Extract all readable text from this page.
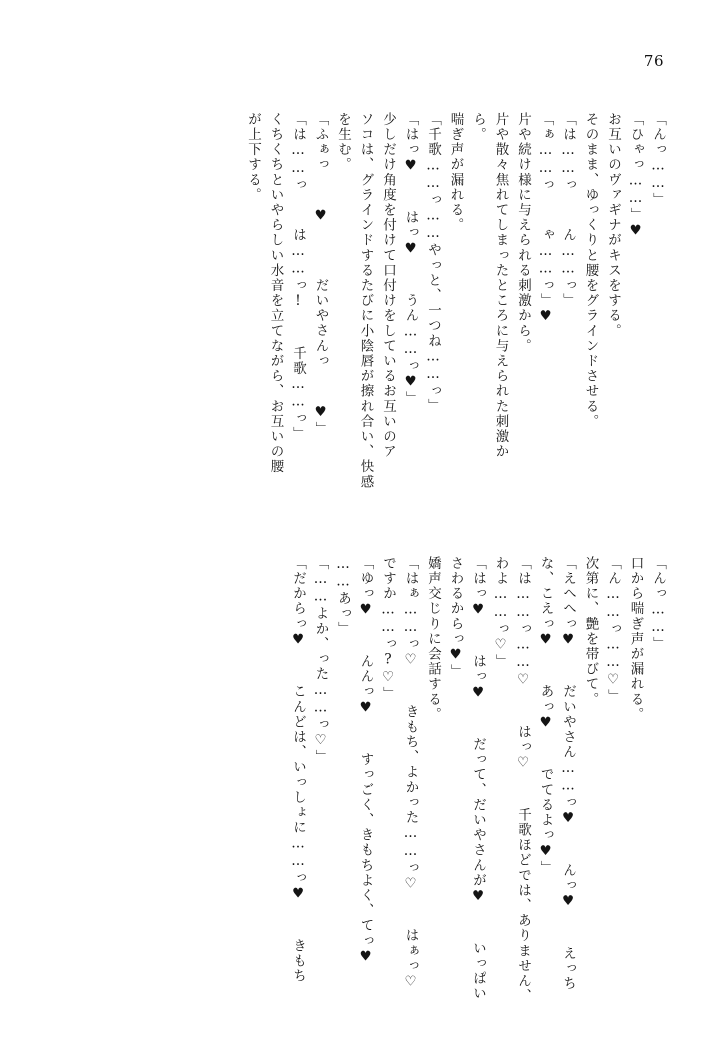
76
「んっ……」
「ひゃっ……」♥
お互いのヴァギナがキスをする。
そのまま、ゆっくりと腰をグラインドさせる。
「は……っ  ん……っ」
「ぁ……っ  ゃ……っ」♥
片や続け様に与えられる刺激から。
片や散々焦れてしまったところに与えられた刺激か
ら。
喘ぎ声が漏れる。
「千歌……っ……やっと、一つね……っ」
「はっ♥  はっ♥  うん……っ♥」
少しだけ角度を付けて口付けをしているお互いのア
ソコは、グラインドするたびに小陰唇が擦れ合い、快感
を生む。
「ふぁっ  ♥   だいやさんっ  ♥」
「は……っ  は……っ!  千歌……っ」
くちくちといやらしい水音を立てながら、お互いの腰
が上下する。
「んっ……」
口から喘ぎ声が漏れる。
「ん……っ……♡」
次第に、艶を帯びて。
「えへへっ♥  だいやさん……っ♥  んっ♥  えっち
な、こえっ♥  あっ♥  でてるよっ♥」
「は……っ……♡  はっ♡  千歌ほどでは、ありません、
わよ……っ♡」
「はっ♥  はっ♥  だって、だいやさんが♥  いっぱい
さわるからっ♥」
嬌声交じりに会話する。
「はぁ……っ♡  きもち、よかった……っ♡  はぁっ♡
ですか……っ?♡」
「ゆっ♥  んんっ♥  すっごく、きもちよく、てっ♥
……あっ」
「……よか、った……っ♡」
「だからっ♥  こんどは、いっしょに……っ♥  きもち
